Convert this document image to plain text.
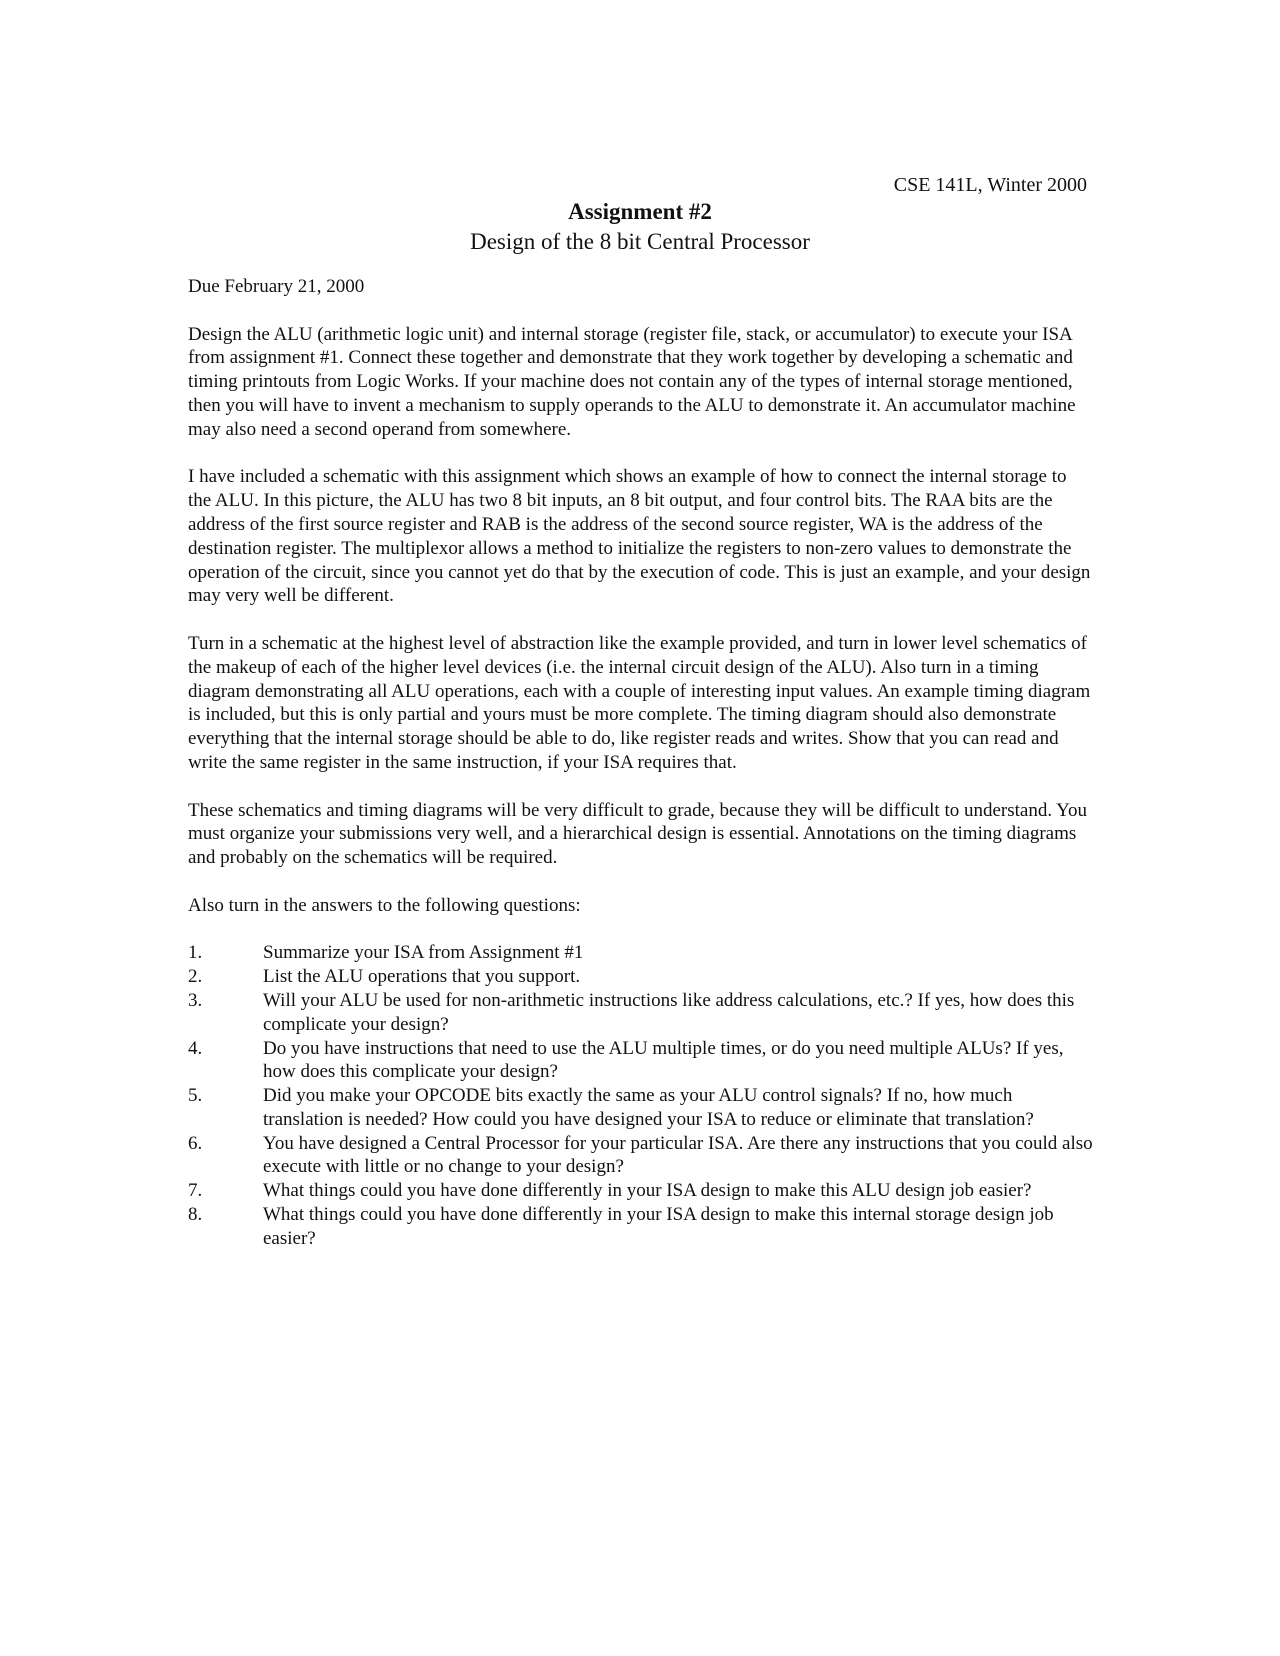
CSE 141L, Winter 2000
Assignment #2
Design of the 8 bit Central Processor

Due February 21, 2000

Design the ALU (arithmetic logic unit) and internal storage (register file, stack, or accumulator) to execute your ISA from assignment #1. Connect these together and demonstrate that they work together by developing a schematic and timing printouts from Logic Works. If your machine does not contain any of the types of internal storage mentioned, then you will have to invent a mechanism to supply operands to the ALU to demonstrate it. An accumulator machine may also need a second operand from somewhere.

I have included a schematic with this assignment which shows an example of how to connect the internal storage to the ALU. In this picture, the ALU has two 8 bit inputs, an 8 bit output, and four control bits. The RAA bits are the address of the first source register and RAB is the address of the second source register, WA is the address of the destination register. The multiplexor allows a method to initialize the registers to non-zero values to demonstrate the operation of the circuit, since you cannot yet do that by the execution of code. This is just an example, and your design may very well be different.

Turn in a schematic at the highest level of abstraction like the example provided, and turn in lower level schematics of the makeup of each of the higher level devices (i.e. the internal circuit design of the ALU). Also turn in a timing diagram demonstrating all ALU operations, each with a couple of interesting input values. An example timing diagram is included, but this is only partial and yours must be more complete. The timing diagram should also demonstrate everything that the internal storage should be able to do, like register reads and writes. Show that you can read and write the same register in the same instruction, if your ISA requires that.

These schematics and timing diagrams will be very difficult to grade, because they will be difficult to understand. You must organize your submissions very well, and a hierarchical design is essential. Annotations on the timing diagrams and probably on the schematics will be required.

Also turn in the answers to the following questions:

1.	Summarize your ISA from Assignment #1
2.	List the ALU operations that you support.
3.	Will your ALU be used for non-arithmetic instructions like address calculations, etc.? If yes, how does this complicate your design?
4.	Do you have instructions that need to use the ALU multiple times, or do you need multiple ALUs? If yes, how does this complicate your design?
5.	Did you make your OPCODE bits exactly the same as your ALU control signals? If no, how much translation is needed? How could you have designed your ISA to reduce or eliminate that translation?
6.	You have designed a Central Processor for your particular ISA. Are there any instructions that you could also execute with little or no change to your design?
7.	What things could you have done differently in your ISA design to make this ALU design job easier?
8.	What things could you have done differently in your ISA design to make this internal storage design job easier?
